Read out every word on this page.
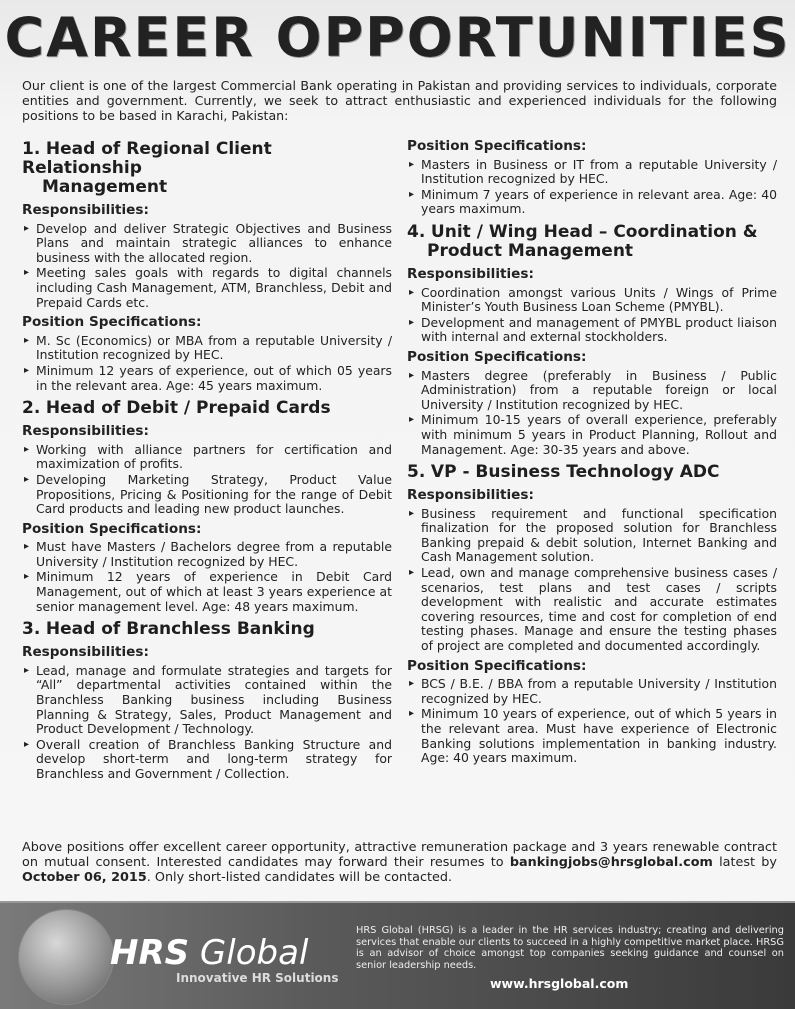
CAREER OPPORTUNITIES
Our client is one of the largest Commercial Bank operating in Pakistan and providing services to individuals, corporate entities and government. Currently, we seek to attract enthusiastic and experienced individuals for the following positions to be based in Karachi, Pakistan:
1. Head of Regional Client Relationship
Management
Responsibilities:
▸ Develop and deliver Strategic Objectives and Business Plans and maintain strategic alliances to enhance business with the allocated region.
▸ Meeting sales goals with regards to digital channels including Cash Management, ATM, Branchless, Debit and Prepaid Cards etc.
Position Specifications:
▸ M. Sc (Economics) or MBA from a reputable University / Institution recognized by HEC.
▸ Minimum 12 years of experience, out of which 05 years in the relevant area. Age: 45 years maximum.
2. Head of Debit / Prepaid Cards
Responsibilities:
▸ Working with alliance partners for certification and maximization of profits.
▸ Developing Marketing Strategy, Product Value Propositions, Pricing & Positioning for the range of Debit Card products and leading new product launches.
Position Specifications:
▸ Must have Masters / Bachelors degree from a reputable University / Institution recognized by HEC.
▸ Minimum 12 years of experience in Debit Card Management, out of which at least 3 years experience at senior management level. Age: 48 years maximum.
3. Head of Branchless Banking
Responsibilities:
▸ Lead, manage and formulate strategies and targets for “All” departmental activities contained within the Branchless Banking business including Business Planning & Strategy, Sales, Product Management and Product Development / Technology.
▸ Overall creation of Branchless Banking Structure and develop short-term and long-term strategy for Branchless and Government / Collection.
Position Specifications:
▸ Masters in Business or IT from a reputable University / Institution recognized by HEC.
▸ Minimum 7 years of experience in relevant area. Age: 40 years maximum.
4. Unit / Wing Head – Coordination &
Product Management
Responsibilities:
▸ Coordination amongst various Units / Wings of Prime Minister’s Youth Business Loan Scheme (PMYBL).
▸ Development and management of PMYBL product liaison with internal and external stockholders.
Position Specifications:
▸ Masters degree (preferably in Business / Public Administration) from a reputable foreign or local University / Institution recognized by HEC.
▸ Minimum 10-15 years of overall experience, preferably with minimum 5 years in Product Planning, Rollout and Management. Age: 30-35 years and above.
5. VP - Business Technology ADC
Responsibilities:
▸ Business requirement and functional specification finalization for the proposed solution for Branchless Banking prepaid & debit solution, Internet Banking and Cash Management solution.
▸ Lead, own and manage comprehensive business cases / scenarios, test plans and test cases / scripts development with realistic and accurate estimates covering resources, time and cost for completion of end testing phases. Manage and ensure the testing phases of project are completed and documented accordingly.
Position Specifications:
▸ BCS / B.E. / BBA from a reputable University / Institution recognized by HEC.
▸ Minimum 10 years of experience, out of which 5 years in the relevant area. Must have experience of Electronic Banking solutions implementation in banking industry. Age: 40 years maximum.
Above positions offer excellent career opportunity, attractive remuneration package and 3 years renewable contract on mutual consent. Interested candidates may forward their resumes to bankingjobs@hrsglobal.com latest by October 06, 2015. Only short-listed candidates will be contacted.
HRS Global
Innovative HR Solutions
HRS Global (HRSG) is a leader in the HR services industry; creating and delivering services that enable our clients to succeed in a highly competitive market place. HRSG is an advisor of choice amongst top companies seeking guidance and counsel on senior leadership needs.
www.hrsglobal.com
